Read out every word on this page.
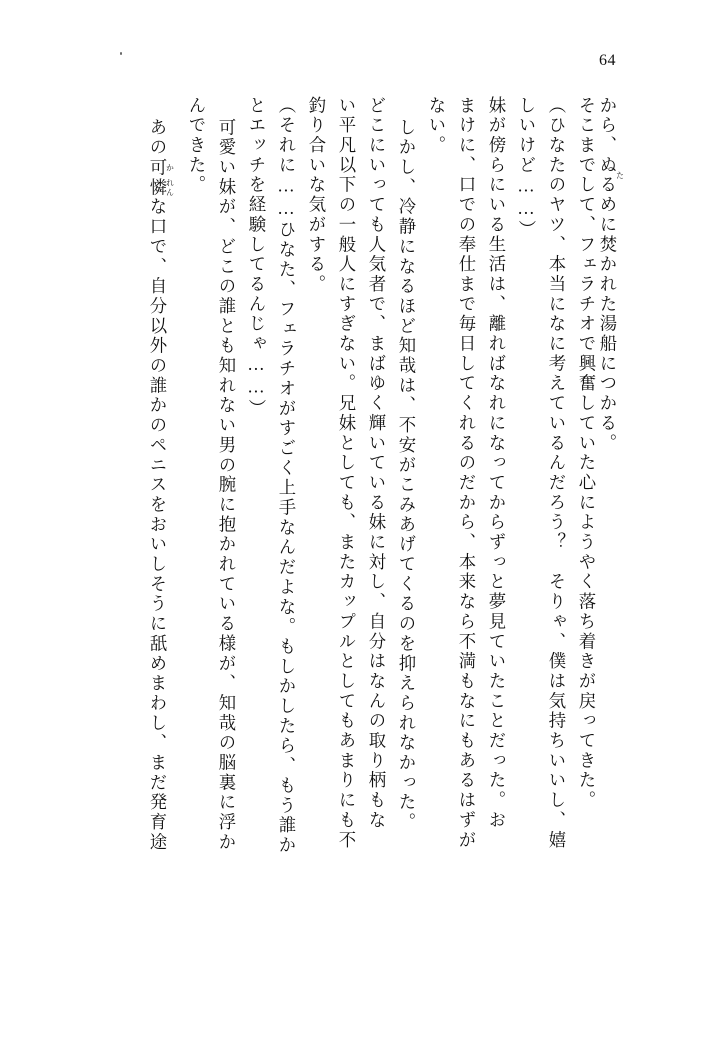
64
から、ぬるめに焚たかれた湯船につかる。
そこまでして、フェラチオで興奮していた心にようやく落ち着きが戻ってきた。
（ひなたのヤツ、本当になに考えているんだろう？　そりゃ、僕は気持ちいいし、嬉
しいけど……）
妹が傍らにいる生活は、離ればなれになってからずっと夢見ていたことだった。お
まけに、口での奉仕まで毎日してくれるのだから、本来なら不満もなにもあるはずが
ない。
しかし、冷静になるほど知哉は、不安がこみあげてくるのを抑えられなかった。
どこにいっても人気者で、まばゆく輝いている妹に対し、自分はなんの取り柄もな
い平凡以下の一般人にすぎない。兄妹としても、またカップルとしてもあまりにも不
釣り合いな気がする。
（それに……ひなた、フェラチオがすごく上手なんだよな。もしかしたら、もう誰か
とエッチを経験してるんじゃ……）
可愛い妹が、どこの誰とも知れない男の腕に抱かれている様が、知哉の脳裏に浮か
んできた。
あの可か憐れんな口で、自分以外の誰かのペニスをおいしそうに舐めまわし、まだ発育途
